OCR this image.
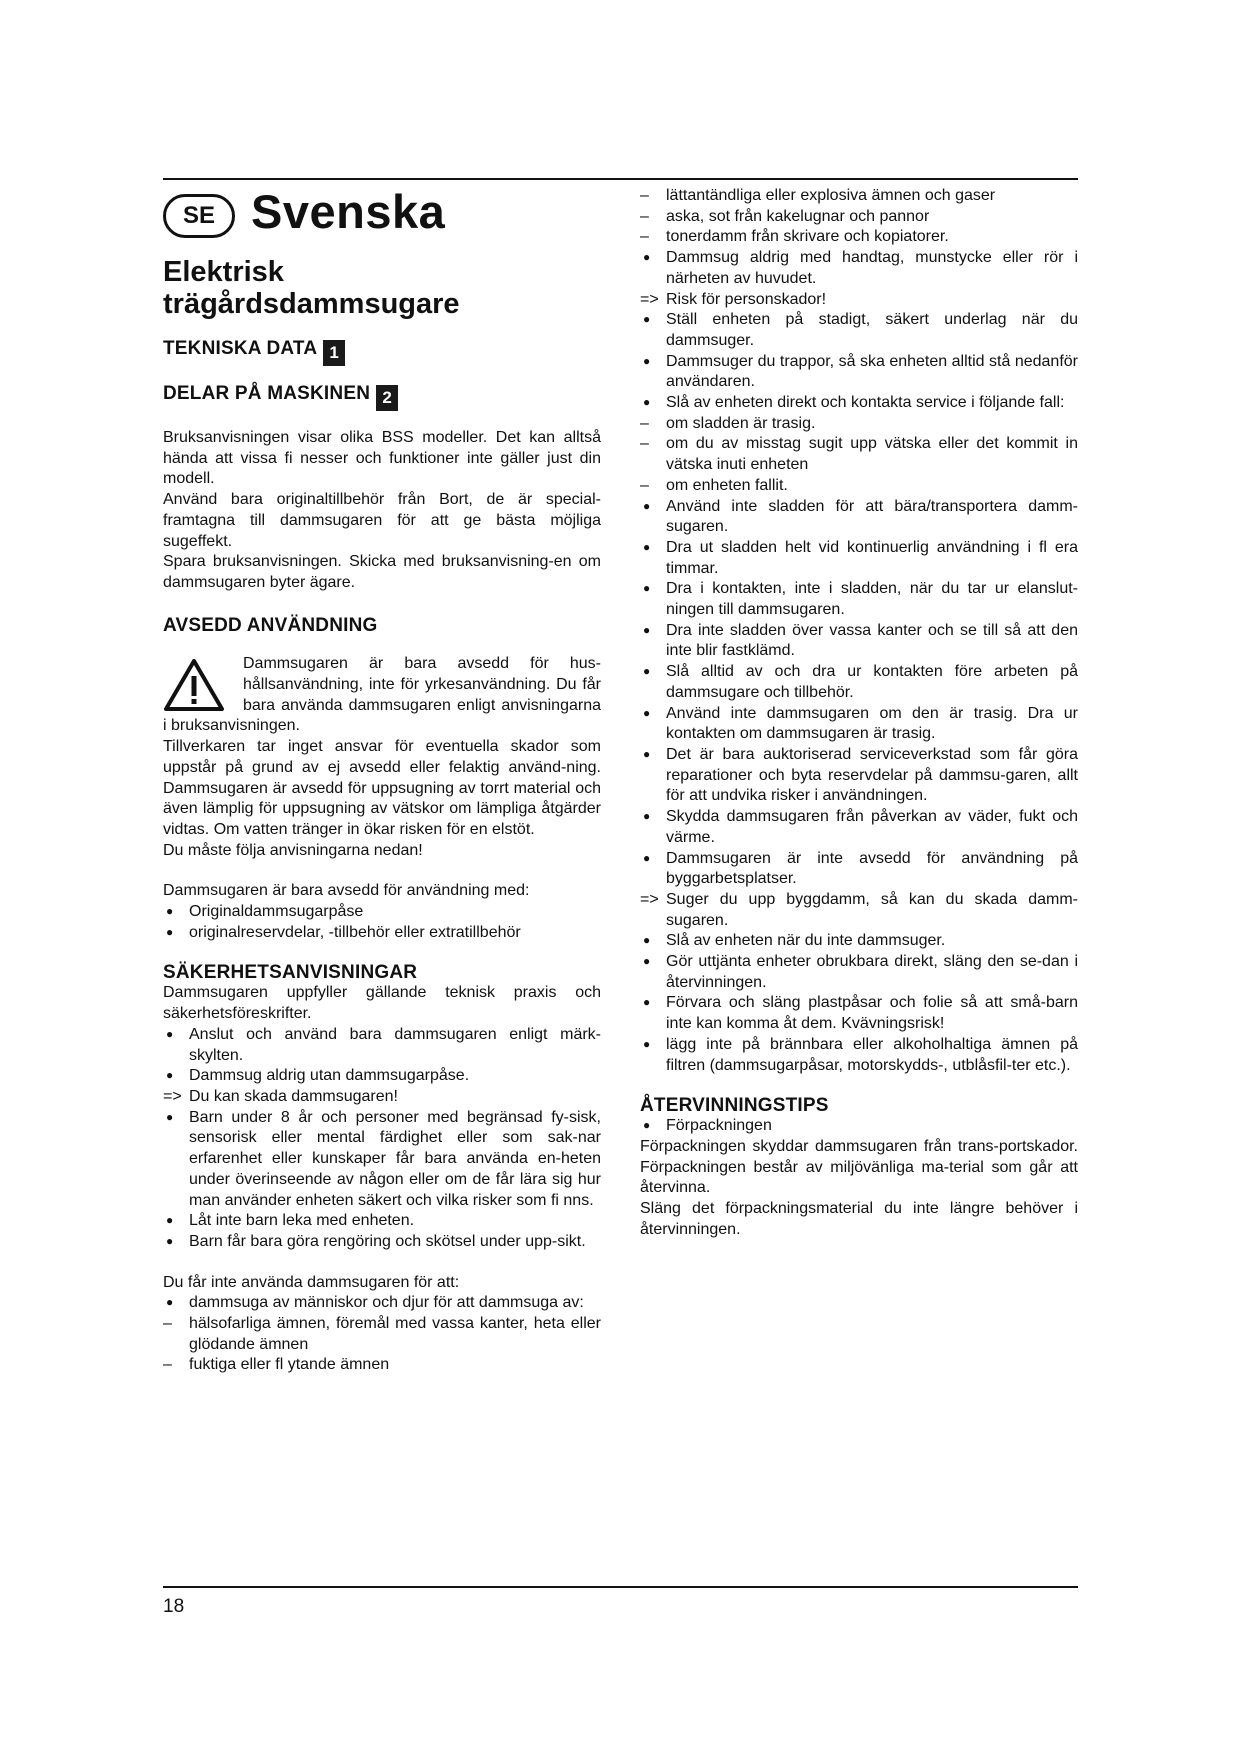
SE Svenska
Elektrisk
trägårdsdammsugare
TEKNISKA DATA 1
DELAR PÅ MASKINEN 2

Bruksanvisningen visar olika BSS modeller. Det kan alltså hända att vissa fi nesser och funktioner inte gäller just din modell.

Använd bara originaltillbehör från Bort, de är special-framtagna till dammsugaren för att ge bästa möjliga sugeffekt.

Spara bruksanvisningen. Skicka med bruksanvisning-en om dammsugaren byter ägare.

AVSEDD ANVÄNDNING

Dammsugaren är bara avsedd för hus-hållsanvändning, inte för yrkesanvändning. Du får bara använda dammsugaren enligt anvisningarna i bruksanvisningen.

Tillverkaren tar inget ansvar för eventuella skador som uppstår på grund av ej avsedd eller felaktig använd-ning. Dammsugaren är avsedd för uppsugning av torrt material och även lämplig för uppsugning av vätskor om lämpliga åtgärder vidtas. Om vatten tränger in ökar risken för en elstöt.

Du måste följa anvisningarna nedan!

Dammsugaren är bara avsedd för användning med:

● Originaldammsugarpåse

● originalreservdelar, -tillbehör eller extratillbehör

SÄKERHETSANVISNINGAR

Dammsugaren uppfyller gällande teknisk praxis och säkerhetsföreskrifter.

● Anslut och använd bara dammsugaren enligt märk-skylten.

● Dammsug aldrig utan dammsugarpåse.

=> Du kan skada dammsugaren!

● Barn under 8 år och personer med begränsad fy-sisk, sensorisk eller mental färdighet eller som sak-nar erfarenhet eller kunskaper får bara använda en-heten under överinseende av någon eller om de får lära sig hur man använder enheten säkert och vilka risker som fi nns.

● Låt inte barn leka med enheten.

● Barn får bara göra rengöring och skötsel under upp-sikt.

Du får inte använda dammsugaren för att:

● dammsuga av människor och djur för att dammsuga av:

– hälsofarliga ämnen, föremål med vassa kanter, heta eller glödande ämnen

– fuktiga eller fl ytande ämnen

– lättantändliga eller explosiva ämnen och gaser

– aska, sot från kakelugnar och pannor

– tonerdamm från skrivare och kopiatorer.

● Dammsug aldrig med handtag, munstycke eller rör i närheten av huvudet.

=> Risk för personskador!

● Ställ enheten på stadigt, säkert underlag när du dammsuger.

● Dammsuger du trappor, så ska enheten alltid stå nedanför användaren.

● Slå av enheten direkt och kontakta service i följande fall:

– om sladden är trasig.

– om du av misstag sugit upp vätska eller det kommit in vätska inuti enheten

– om enheten fallit.

● Använd inte sladden för att bära/transportera damm-sugaren.

● Dra ut sladden helt vid kontinuerlig användning i fl era timmar.

● Dra i kontakten, inte i sladden, när du tar ur elanslut-ningen till dammsugaren.

● Dra inte sladden över vassa kanter och se till så att den inte blir fastklämd.

● Slå alltid av och dra ur kontakten före arbeten på dammsugare och tillbehör.

● Använd inte dammsugaren om den är trasig. Dra ur kontakten om dammsugaren är trasig.

● Det är bara auktoriserad serviceverkstad som får göra reparationer och byta reservdelar på dammsu-garen, allt för att undvika risker i användningen.

● Skydda dammsugaren från påverkan av väder, fukt och värme.

● Dammsugaren är inte avsedd för användning på byggarbetsplatser.

=> Suger du upp byggdamm, så kan du skada damm-sugaren.

● Slå av enheten när du inte dammsuger.

● Gör uttjänta enheter obrukbara direkt, släng den se-dan i återvinningen.

● Förvara och släng plastpåsar och folie så att små-barn inte kan komma åt dem. Kvävningsrisk!

● lägg inte på brännbara eller alkoholhaltiga ämnen på filtren (dammsugarpåsar, motorskydds-, utblåsfil-ter etc.).

ÅTERVINNINGSTIPS

● Förpackningen

Förpackningen skyddar dammsugaren från trans-portskador. Förpackningen består av miljövänliga ma-terial som går att återvinna.

Släng det förpackningsmaterial du inte längre behöver i återvinningen.

18
